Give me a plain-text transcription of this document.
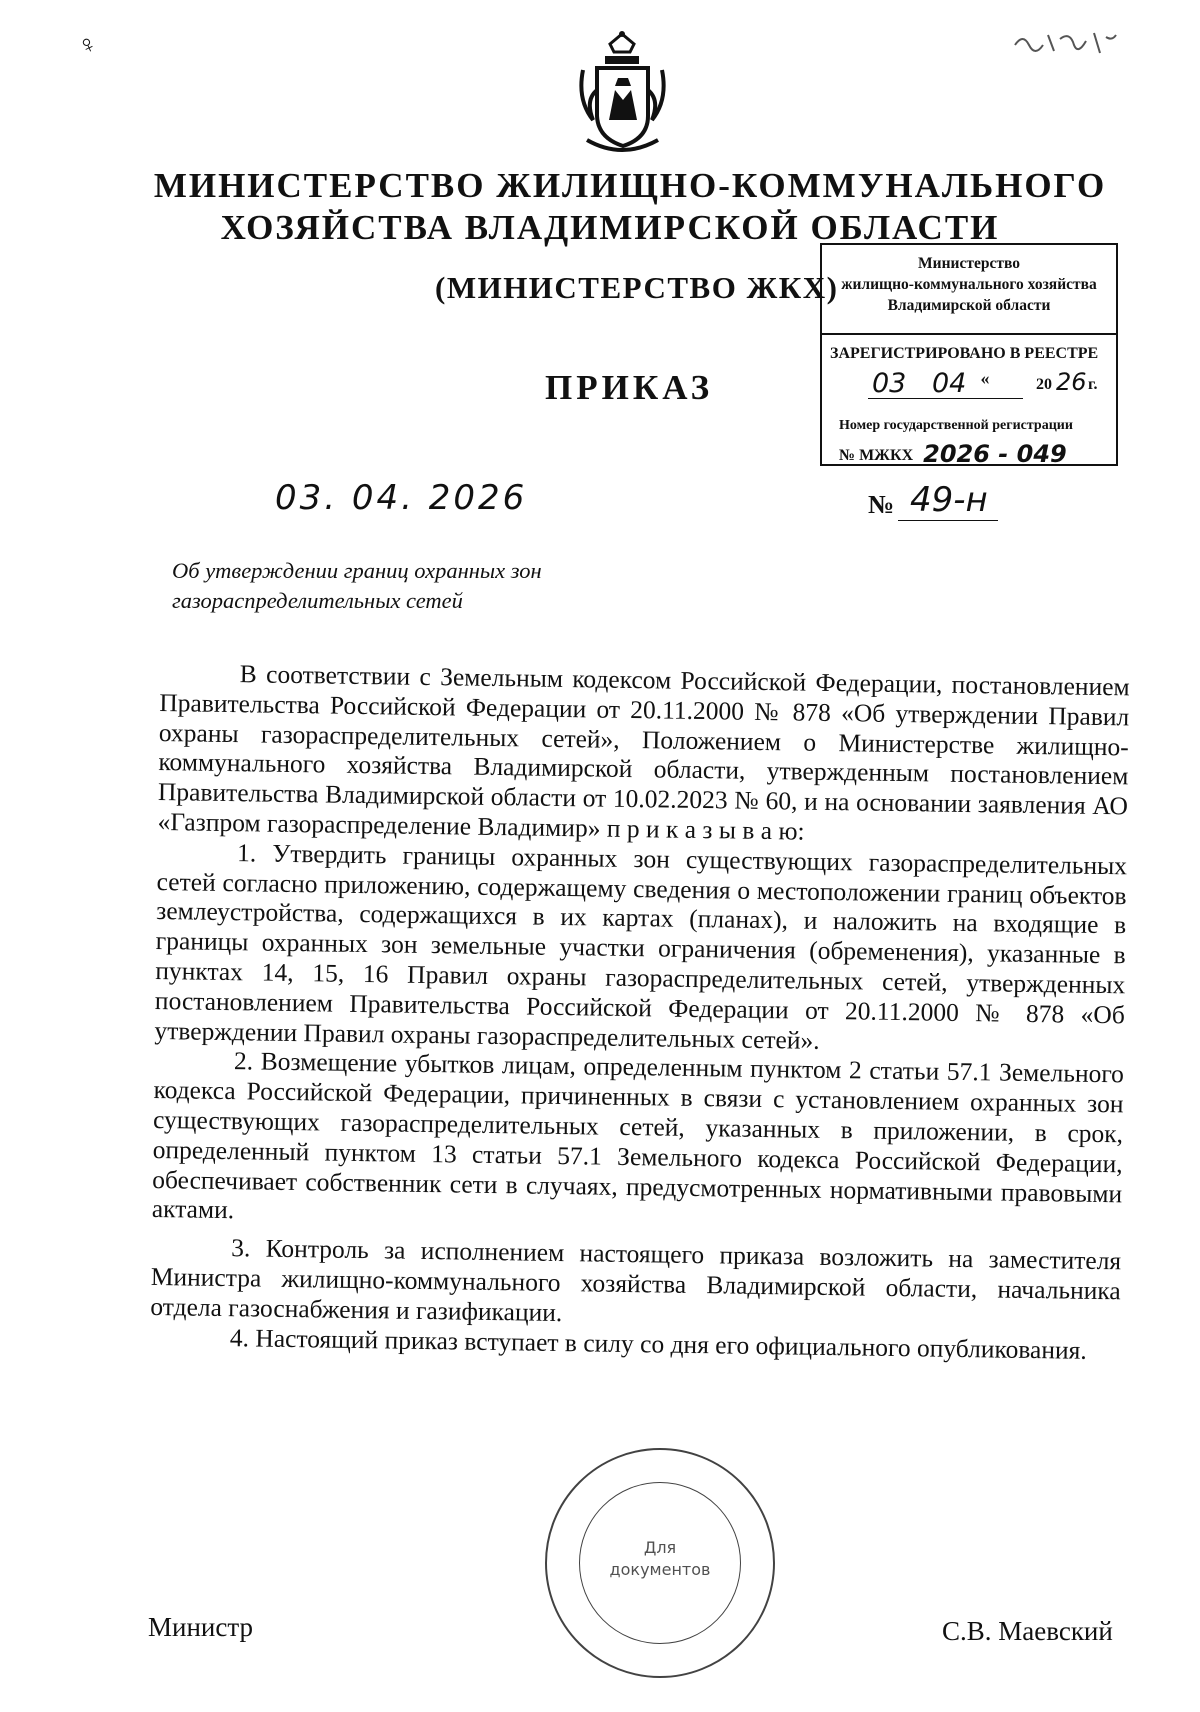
♀
МИНИСТЕРСТВО ЖИЛИЩНО-КОММУНАЛЬНОГО
ХОЗЯЙСТВА ВЛАДИМИРСКОЙ ОБЛАСТИ
(МИНИСТЕРСТВО ЖКХ)
ПРИКАЗ
Министерство
жилищно-коммунального хозяйства
Владимирской области
ЗАРЕГИСТРИРОВАНО В РЕЕСТРЕ
«
03 04	20 26 г.
Номер государственной регистрации
№ МЖКХ 2026 - 049
03. 04. 2026	№ 49-н
Об утверждении границ охранных зон
газораспределительных сетей

В соответствии с Земельным кодексом Российской Федерации, постановлением Правительства Российской Федерации от 20.11.2000 № 878 «Об утверждении Правил охраны газораспределительных сетей», Положением о Министерстве жилищно-коммунального хозяйства Владимирской области, утвержденным постановлением Правительства Владимирской области от 10.02.2023 № 60, и на основании заявления АО «Газпром газораспределение Владимир» п р и к а з ы в а ю:

1. Утвердить границы охранных зон существующих газораспределительных сетей согласно приложению, содержащему сведения о местоположении границ объектов землеустройства, содержащихся в их картах (планах), и наложить на входящие в границы охранных зон земельные участки ограничения (обременения), указанные в пунктах 14, 15, 16 Правил охраны газораспределительных сетей, утвержденных постановлением Правительства Российской Федерации от 20.11.2000 № 878 «Об утверждении Правил охраны газораспределительных сетей».

2. Возмещение убытков лицам, определенным пунктом 2 статьи 57.1 Земельного кодекса Российской Федерации, причиненных в связи с установлением охранных зон существующих газораспределительных сетей, указанных в приложении, в срок, определенный пунктом 13 статьи 57.1 Земельного кодекса Российской Федерации, обеспечивает собственник сети в случаях, предусмотренных нормативными правовыми актами.

3. Контроль за исполнением настоящего приказа возложить на заместителя Министра жилищно-коммунального хозяйства Владимирской области, начальника отдела газоснабжения и газификации.

4. Настоящий приказ вступает в силу со дня его официального опубликования.

Для
документов
Министр	С.В. Маевский
